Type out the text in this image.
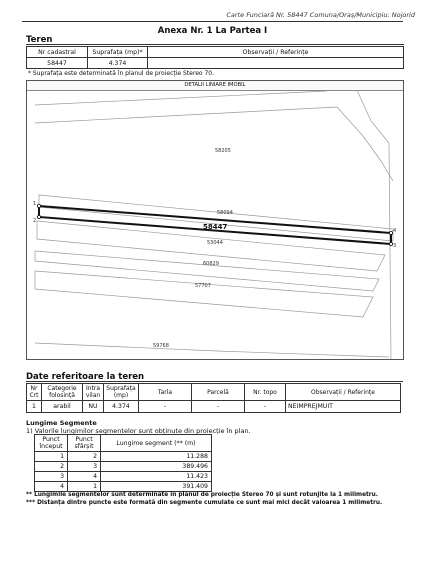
Carte Funciară Nr. 58447 Comuna/Oraș/Municipiu: Nojorid
Anexa Nr. 1 La Partea I
Teren
Nr cadastral	Suprafața (mp)*	Observații / Referințe
58447	4.374	
* Suprafața este determinată în planul de proiecție Stereo 70.
DETALII LINIARE IMOBIL
1
2
4
3
58205
58094
53044
60829
57707
59768
58447
Date referitoare la teren
Nr Crt	Categorie folosință	Intra vilan	Suprafața (mp)	Tarla	Parcelă	Nr. topo	Observații / Referințe
1	arabil	NU	4.374	-	-	-	NEIMPREJMUIT
Lungime Segmente
1) Valorile lungimilor segmentelor sunt obținute din proiecție în plan.
Punct început	Punct sfârșit	Lungime segment (** (m)
1	2	11.288
2	3	389.496
3	4	11.423
4	1	391.409
** Lungimile segmentelor sunt determinate în planul de proiecție Stereo 70 și sunt rotunjite la 1 milimetru.
*** Distanța dintre puncte este formată din segmente cumulate ce sunt mai mici decât valoarea 1 milimetru.
